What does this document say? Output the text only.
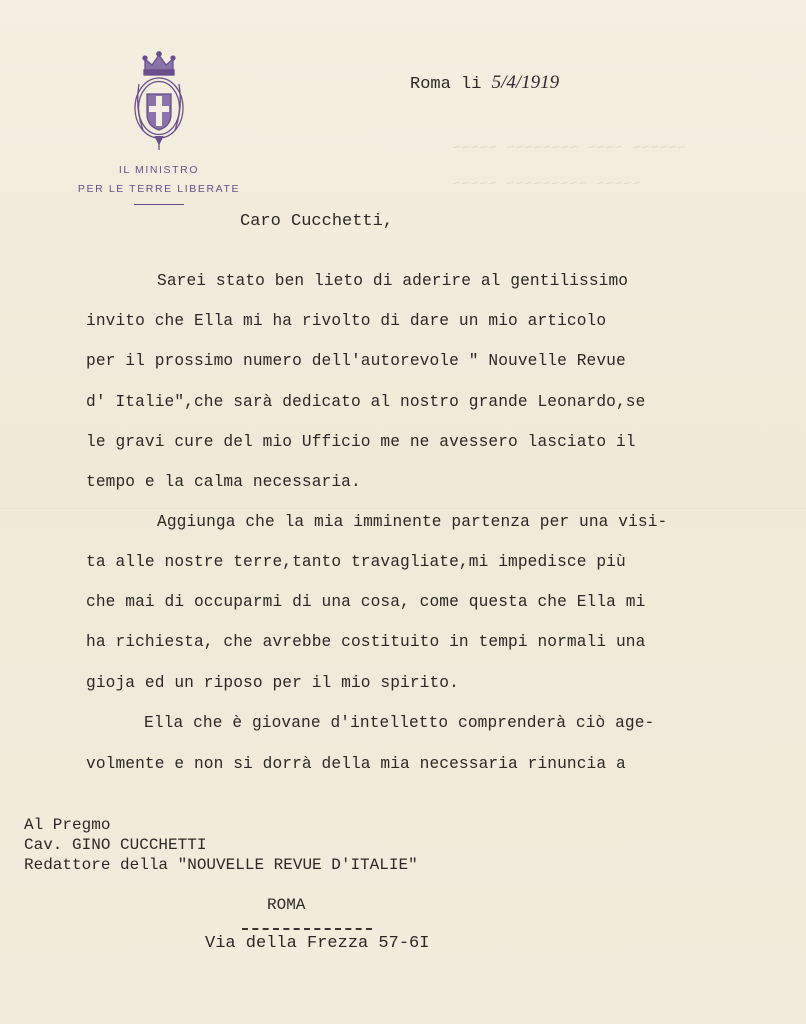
~~~~~~ ~~~~ ~~~~~~~~ ~~~~~
~~~~~ ~~~~~~~~~ ~~~~~
IL MINISTRO
PER LE TERRE LIBERATE
Roma li 5/4/1919
Caro Cucchetti,
Sarei stato ben lieto di aderire al gentilissimo
invito che Ella mi ha rivolto di dare un mio articolo
per il prossimo numero dell'autorevole " Nouvelle Revue
d' Italie",che sarà dedicato al nostro grande Leonardo,se
le gravi cure del mio Ufficio me ne avessero lasciato il
tempo e la calma necessaria.
Aggiunga che la mia imminente partenza per una visi-
ta alle nostre terre,tanto travagliate,mi impedisce più
che mai di occuparmi di una cosa, come questa che Ella mi
ha richiesta, che avrebbe costituito in tempi normali una
gioja ed un riposo per il mio spirito.
Ella che è giovane d'intelletto comprenderà ciò age-
volmente e non si dorrà della mia necessaria rinuncia a
Al Pregmo
Cav. GINO CUCCHETTI
Redattore della "NOUVELLE REVUE D'ITALIE"
ROMA
Via della Frezza 57-6I
